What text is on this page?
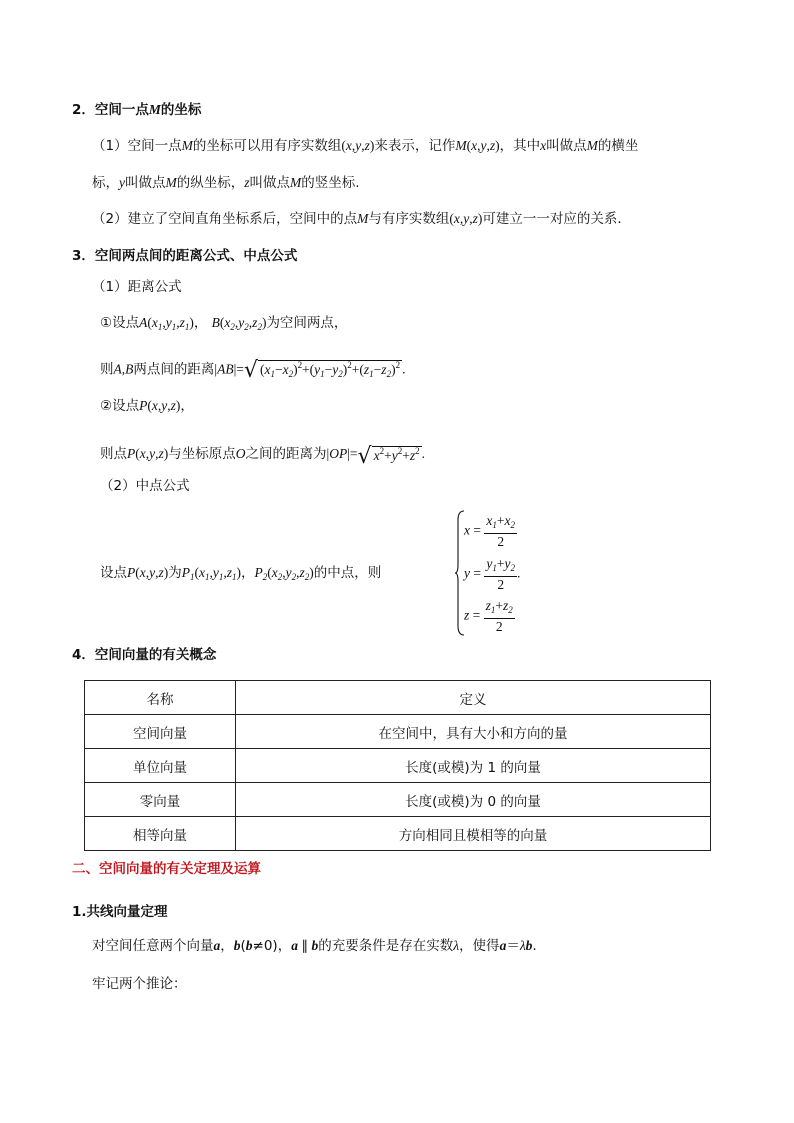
2．空间一点M的坐标
（1）空间一点M的坐标可以用有序实数组(x,y,z)来表示，记作M(x,y,z)，其中x叫做点M的横坐
标，y叫做点M的纵坐标，z叫做点M的竖坐标.
（2）建立了空间直角坐标系后，空间中的点M与有序实数组(x,y,z)可建立一一对应的关系．
3．空间两点间的距离公式、中点公式
（1）距离公式
①设点$A(x_1,y_1,z_1)$， $B(x_2,y_2,z_2)$为空间两点，
则A,B两点间的距离|AB|=√ $(x_1-x_2)^2+(y_1-y_2)^2+(z_1-z_2)^2$ .
②设点P(x,y,z)，
则点P(x,y,z)与坐标原点O之间的距离为|OP|=√ $x^2+y^2+z^2$ .
（2）中点公式
设点P(x,y,z)为$P_1(x_1,y_1,z_1)$，$P_2(x_2,y_2,z_2)$的中点，则
$x = \frac{x_1+x_2}{2}$
$y = \frac{y_1+y_2}{2}$ .
$z = \frac{z_1+z_2}{2}$
4．空间向量的有关概念
名称	定义
空间向量	在空间中，具有大小和方向的量
单位向量	长度(或模)为 1 的向量
零向量	长度(或模)为 0 的向量
相等向量	方向相同且模相等的向量
二、空间向量的有关定理及运算
1.共线向量定理
对空间任意两个向量a，b(b≠0)，a ∥ b的充要条件是存在实数λ，使得a＝λb.
牢记两个推论：
